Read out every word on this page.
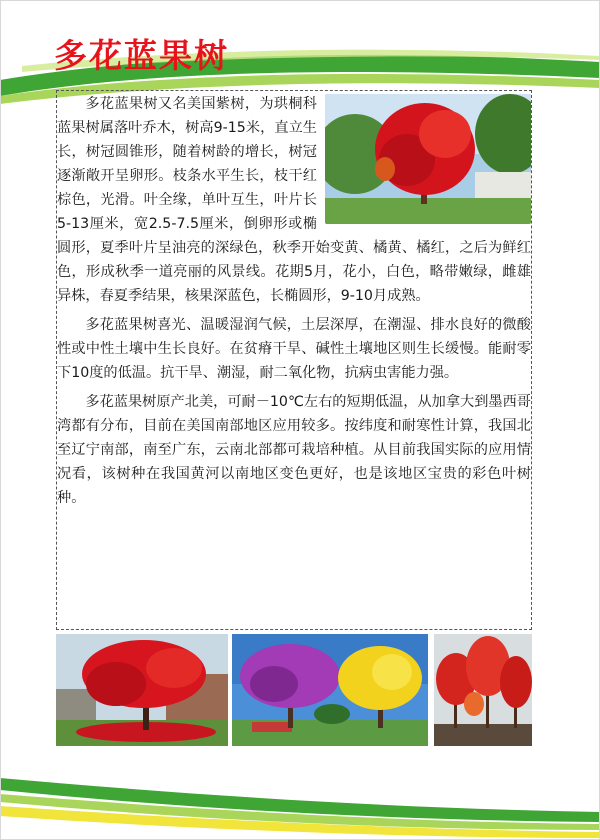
多花蓝果树

多花蓝果树又名美国紫树，为珙桐科蓝果树属落叶乔木，树高9-15米，直立生长，树冠圆锥形，随着树龄的增长，树冠逐渐敞开呈卵形。枝条水平生长，枝干红棕色，光滑。叶全缘，单叶互生，叶片长5-13厘米，宽2.5-7.5厘米，倒卵形或椭圆形，夏季叶片呈油亮的深绿色，秋季开始变黄、橘黄、橘红，之后为鲜红色，形成秋季一道亮丽的风景线。花期5月，花小，白色，略带嫩绿，雌雄异株，春夏季结果，核果深蓝色，长椭圆形，9-10月成熟。

多花蓝果树喜光、温暖湿润气候，土层深厚，在潮湿、排水良好的微酸性或中性土壤中生长良好。在贫瘠干旱、碱性土壤地区则生长缓慢。能耐零下10度的低温。抗干旱、潮湿，耐二氧化物，抗病虫害能力强。

多花蓝果树原产北美，可耐－10℃左右的短期低温，从加拿大到墨西哥湾都有分布，目前在美国南部地区应用较多。按纬度和耐寒性计算，我国北至辽宁南部，南至广东，云南北部都可栽培种植。从目前我国实际的应用情况看，该树种在我国黄河以南地区变色更好，也是该地区宝贵的彩色叶树种。
